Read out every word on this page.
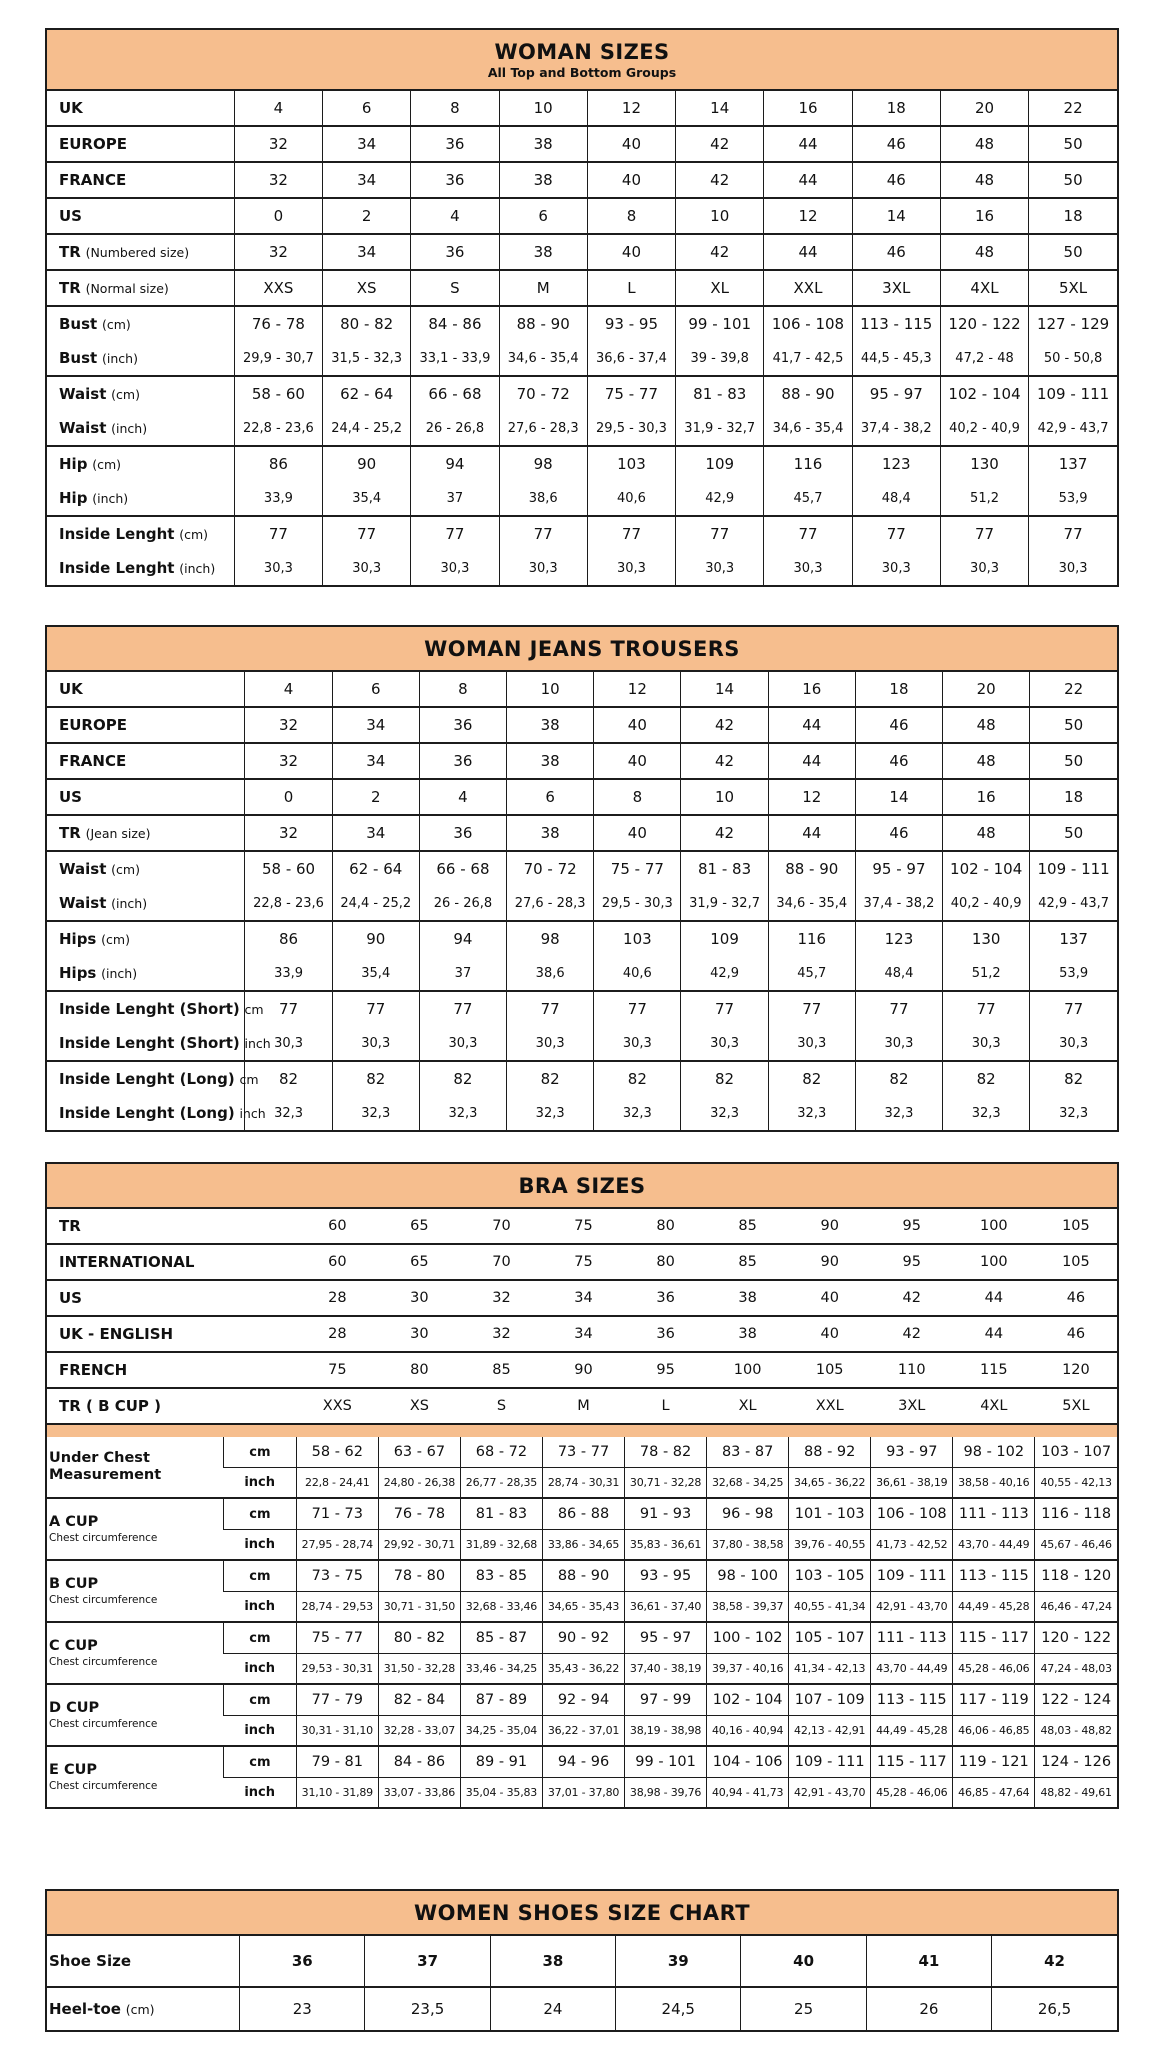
WOMAN SIZES
All Top and Bottom Groups
UK	4	6	8	10	12	14	16	18	20	22
EUROPE	32	34	36	38	40	42	44	46	48	50
FRANCE	32	34	36	38	40	42	44	46	48	50
US	0	2	4	6	8	10	12	14	16	18
TR (Numbered size)	32	34	36	38	40	42	44	46	48	50
TR (Normal size)	XXS	XS	S	M	L	XL	XXL	3XL	4XL	5XL
Bust (cm)	76 - 78	80 - 82	84 - 86	88 - 90	93 - 95	99 - 101	106 - 108	113 - 115	120 - 122	127 - 129
Bust (inch)	29,9 - 30,7	31,5 - 32,3	33,1 - 33,9	34,6 - 35,4	36,6 - 37,4	39 - 39,8	41,7 - 42,5	44,5 - 45,3	47,2 - 48	50 - 50,8
Waist (cm)	58 - 60	62 - 64	66 - 68	70 - 72	75 - 77	81 - 83	88 - 90	95 - 97	102 - 104	109 - 111
Waist (inch)	22,8 - 23,6	24,4 - 25,2	26 - 26,8	27,6 - 28,3	29,5 - 30,3	31,9 - 32,7	34,6 - 35,4	37,4 - 38,2	40,2 - 40,9	42,9 - 43,7
Hip (cm)	86	90	94	98	103	109	116	123	130	137
Hip (inch)	33,9	35,4	37	38,6	40,6	42,9	45,7	48,4	51,2	53,9
Inside Lenght (cm)	77	77	77	77	77	77	77	77	77	77
Inside Lenght (inch)	30,3	30,3	30,3	30,3	30,3	30,3	30,3	30,3	30,3	30,3
WOMAN JEANS TROUSERS
UK	4	6	8	10	12	14	16	18	20	22
EUROPE	32	34	36	38	40	42	44	46	48	50
FRANCE	32	34	36	38	40	42	44	46	48	50
US	0	2	4	6	8	10	12	14	16	18
TR (Jean size)	32	34	36	38	40	42	44	46	48	50
Waist (cm)	58 - 60	62 - 64	66 - 68	70 - 72	75 - 77	81 - 83	88 - 90	95 - 97	102 - 104	109 - 111
Waist (inch)	22,8 - 23,6	24,4 - 25,2	26 - 26,8	27,6 - 28,3	29,5 - 30,3	31,9 - 32,7	34,6 - 35,4	37,4 - 38,2	40,2 - 40,9	42,9 - 43,7
Hips (cm)	86	90	94	98	103	109	116	123	130	137
Hips (inch)	33,9	35,4	37	38,6	40,6	42,9	45,7	48,4	51,2	53,9
Inside Lenght (Short) cm	77	77	77	77	77	77	77	77	77	77
Inside Lenght (Short) inch	30,3	30,3	30,3	30,3	30,3	30,3	30,3	30,3	30,3	30,3
Inside Lenght (Long) cm	82	82	82	82	82	82	82	82	82	82
Inside Lenght (Long) inch	32,3	32,3	32,3	32,3	32,3	32,3	32,3	32,3	32,3	32,3
BRA SIZES
TR		60	65	70	75	80	85	90	95	100	105
INTERNATIONAL		60	65	70	75	80	85	90	95	100	105
US		28	30	32	34	36	38	40	42	44	46
UK - ENGLISH		28	30	32	34	36	38	40	42	44	46
FRENCH		75	80	85	90	95	100	105	110	115	120
TR ( B CUP )		XXS	XS	S	M	L	XL	XXL	3XL	4XL	5XL

Under Chest Measurement	cm	58 - 62	63 - 67	68 - 72	73 - 77	78 - 82	83 - 87	88 - 92	93 - 97	98 - 102	103 - 107
	inch	22,8 - 24,41	24,80 - 26,38	26,77 - 28,35	28,74 - 30,31	30,71 - 32,28	32,68 - 34,25	34,65 - 36,22	36,61 - 38,19	38,58 - 40,16	40,55 - 42,13
A CUP
Chest circumference	cm	71 - 73	76 - 78	81 - 83	86 - 88	91 - 93	96 - 98	101 - 103	106 - 108	111 - 113	116 - 118
	inch	27,95 - 28,74	29,92 - 30,71	31,89 - 32,68	33,86 - 34,65	35,83 - 36,61	37,80 - 38,58	39,76 - 40,55	41,73 - 42,52	43,70 - 44,49	45,67 - 46,46
B CUP
Chest circumference	cm	73 - 75	78 - 80	83 - 85	88 - 90	93 - 95	98 - 100	103 - 105	109 - 111	113 - 115	118 - 120
	inch	28,74 - 29,53	30,71 - 31,50	32,68 - 33,46	34,65 - 35,43	36,61 - 37,40	38,58 - 39,37	40,55 - 41,34	42,91 - 43,70	44,49 - 45,28	46,46 - 47,24
C CUP
Chest circumference	cm	75 - 77	80 - 82	85 - 87	90 - 92	95 - 97	100 - 102	105 - 107	111 - 113	115 - 117	120 - 122
	inch	29,53 - 30,31	31,50 - 32,28	33,46 - 34,25	35,43 - 36,22	37,40 - 38,19	39,37 - 40,16	41,34 - 42,13	43,70 - 44,49	45,28 - 46,06	47,24 - 48,03
D CUP
Chest circumference	cm	77 - 79	82 - 84	87 - 89	92 - 94	97 - 99	102 - 104	107 - 109	113 - 115	117 - 119	122 - 124
	inch	30,31 - 31,10	32,28 - 33,07	34,25 - 35,04	36,22 - 37,01	38,19 - 38,98	40,16 - 40,94	42,13 - 42,91	44,49 - 45,28	46,06 - 46,85	48,03 - 48,82
E CUP
Chest circumference	cm	79 - 81	84 - 86	89 - 91	94 - 96	99 - 101	104 - 106	109 - 111	115 - 117	119 - 121	124 - 126
	inch	31,10 - 31,89	33,07 - 33,86	35,04 - 35,83	37,01 - 37,80	38,98 - 39,76	40,94 - 41,73	42,91 - 43,70	45,28 - 46,06	46,85 - 47,64	48,82 - 49,61
WOMEN SHOES SIZE CHART
Shoe Size	36	37	38	39	40	41	42
Heel-toe (cm)	23	23,5	24	24,5	25	26	26,5
